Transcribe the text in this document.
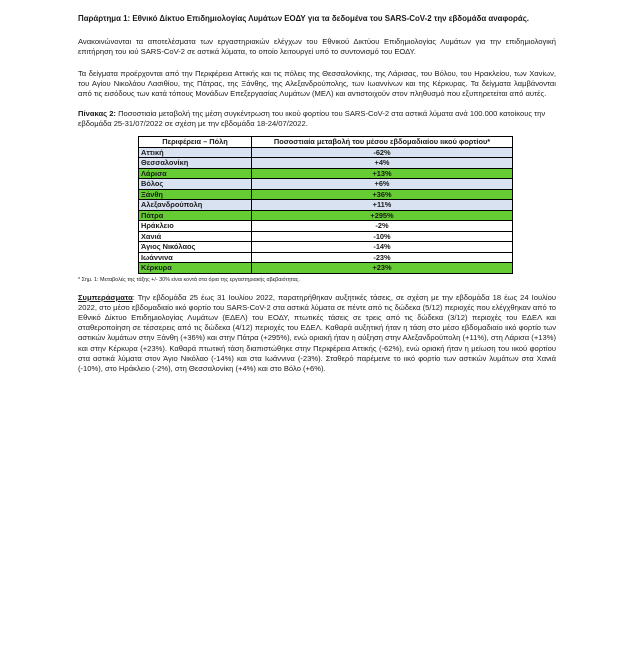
Παράρτημα 1: Εθνικό Δίκτυο Επιδημιολογίας Λυμάτων ΕΟΔΥ για τα δεδομένα του SARS-CoV-2 την εβδομάδα αναφοράς.

Ανακοινώνονται τα αποτελέσματα των εργαστηριακών ελέγχων του Εθνικού Δικτύου Επιδημιολογίας Λυμάτων για την επιδημιολογική επιτήρηση του ιού SARS-CoV-2 σε αστικά λύματα, το οποίο λειτουργεί υπό το συντονισμό του ΕΟΔΥ.

Τα δείγματα προέρχονται από την Περιφέρεια Αττικής και τις πόλεις της Θεσσαλονίκης, της Λάρισας, του Βόλου, του Ηρακλείου, των Χανίων, του Αγίου Νικολάου Λασιθίου, της Πάτρας, της Ξάνθης, της Αλεξανδρούπολης, των Ιωαννίνων και της Κέρκυρας. Τα δείγματα λαμβάνονται από τις εισόδους των κατά τόπους Μονάδων Επεξεργασίας Λυμάτων (ΜΕΛ) και αντιστοιχούν στον πληθυσμό που εξυπηρετείται από αυτές.

Πίνακας 2: Ποσοστιαία μεταβολή της μέση συγκέντρωση του ιικού φορτίου του SARS-CoV-2 στα αστικά λύματα ανά 100.000 κατοίκους την εβδομάδα 25-31/07/2022 σε σχέση με την εβδομάδα 18-24/07/2022.

Περιφέρεια – Πόλη	Ποσοστιαία μεταβολή του μέσου εβδομαδιαίου ιικού φορτίου*
Αττική	-62%
Θεσσαλονίκη	+4%
Λάρισα	+13%
Βόλος	+6%
Ξάνθη	+36%
Αλεξανδρούπολη	+11%
Πάτρα	+295%
Ηράκλειο	-2%
Χανιά	-10%
Άγιος Νικόλαος	-14%
Ιωάννινα	-23%
Κέρκυρα	+23%

* Σημ. 1: Μεταβολές της τάξης +/- 30% είναι κοντά στα όρια της εργαστηριακής αβεβαιότητας.

Συμπεράσματα: Την εβδομάδα 25 έως 31 Ιουλίου 2022, παρατηρήθηκαν αυξητικές τάσεις, σε σχέση με την εβδομάδα 18 έως 24 Ιουλίου 2022, στο μέσο εβδομαδιαίο ιικό φορτίο του SARS-CoV-2 στα αστικά λύματα σε πέντε από τις δώδεκα (5/12) περιοχές που ελέγχθηκαν από το Εθνικό Δίκτυο Επιδημιολογίας Λυμάτων (ΕΔΕΛ) του ΕΟΔΥ, πτωτικές τάσεις σε τρεις από τις δώδεκα (3/12) περιοχές του ΕΔΕΛ και σταθεροποίηση σε τέσσερεις από τις δώδεκα (4/12) περιοχές του ΕΔΕΛ. Καθαρά αυξητική ήταν η τάση στο μέσο εβδομαδιαίο ιικό φορτίο των αστικών λυμάτων στην Ξάνθη (+36%) και στην Πάτρα (+295%), ενώ οριακή ήταν η αύξηση στην Αλεξανδρούπολη (+11%), στη Λάρισα (+13%) και στην Κέρκυρα (+23%). Καθαρά πτωτική τάση διαπιστώθηκε στην Περιφέρεια Αττικής (-62%), ενώ οριακή ήταν η μείωση του ιικού φορτίου στα αστικά λύματα στον Άγιο Νικόλαο (-14%) και στα Ιωάννινα (-23%). Σταθερό παρέμεινε το ιικό φορτίο των αστικών λυμάτων στα Χανιά (-10%), στο Ηράκλειο (-2%), στη Θεσσαλονίκη (+4%) και στο Βόλο (+6%).
